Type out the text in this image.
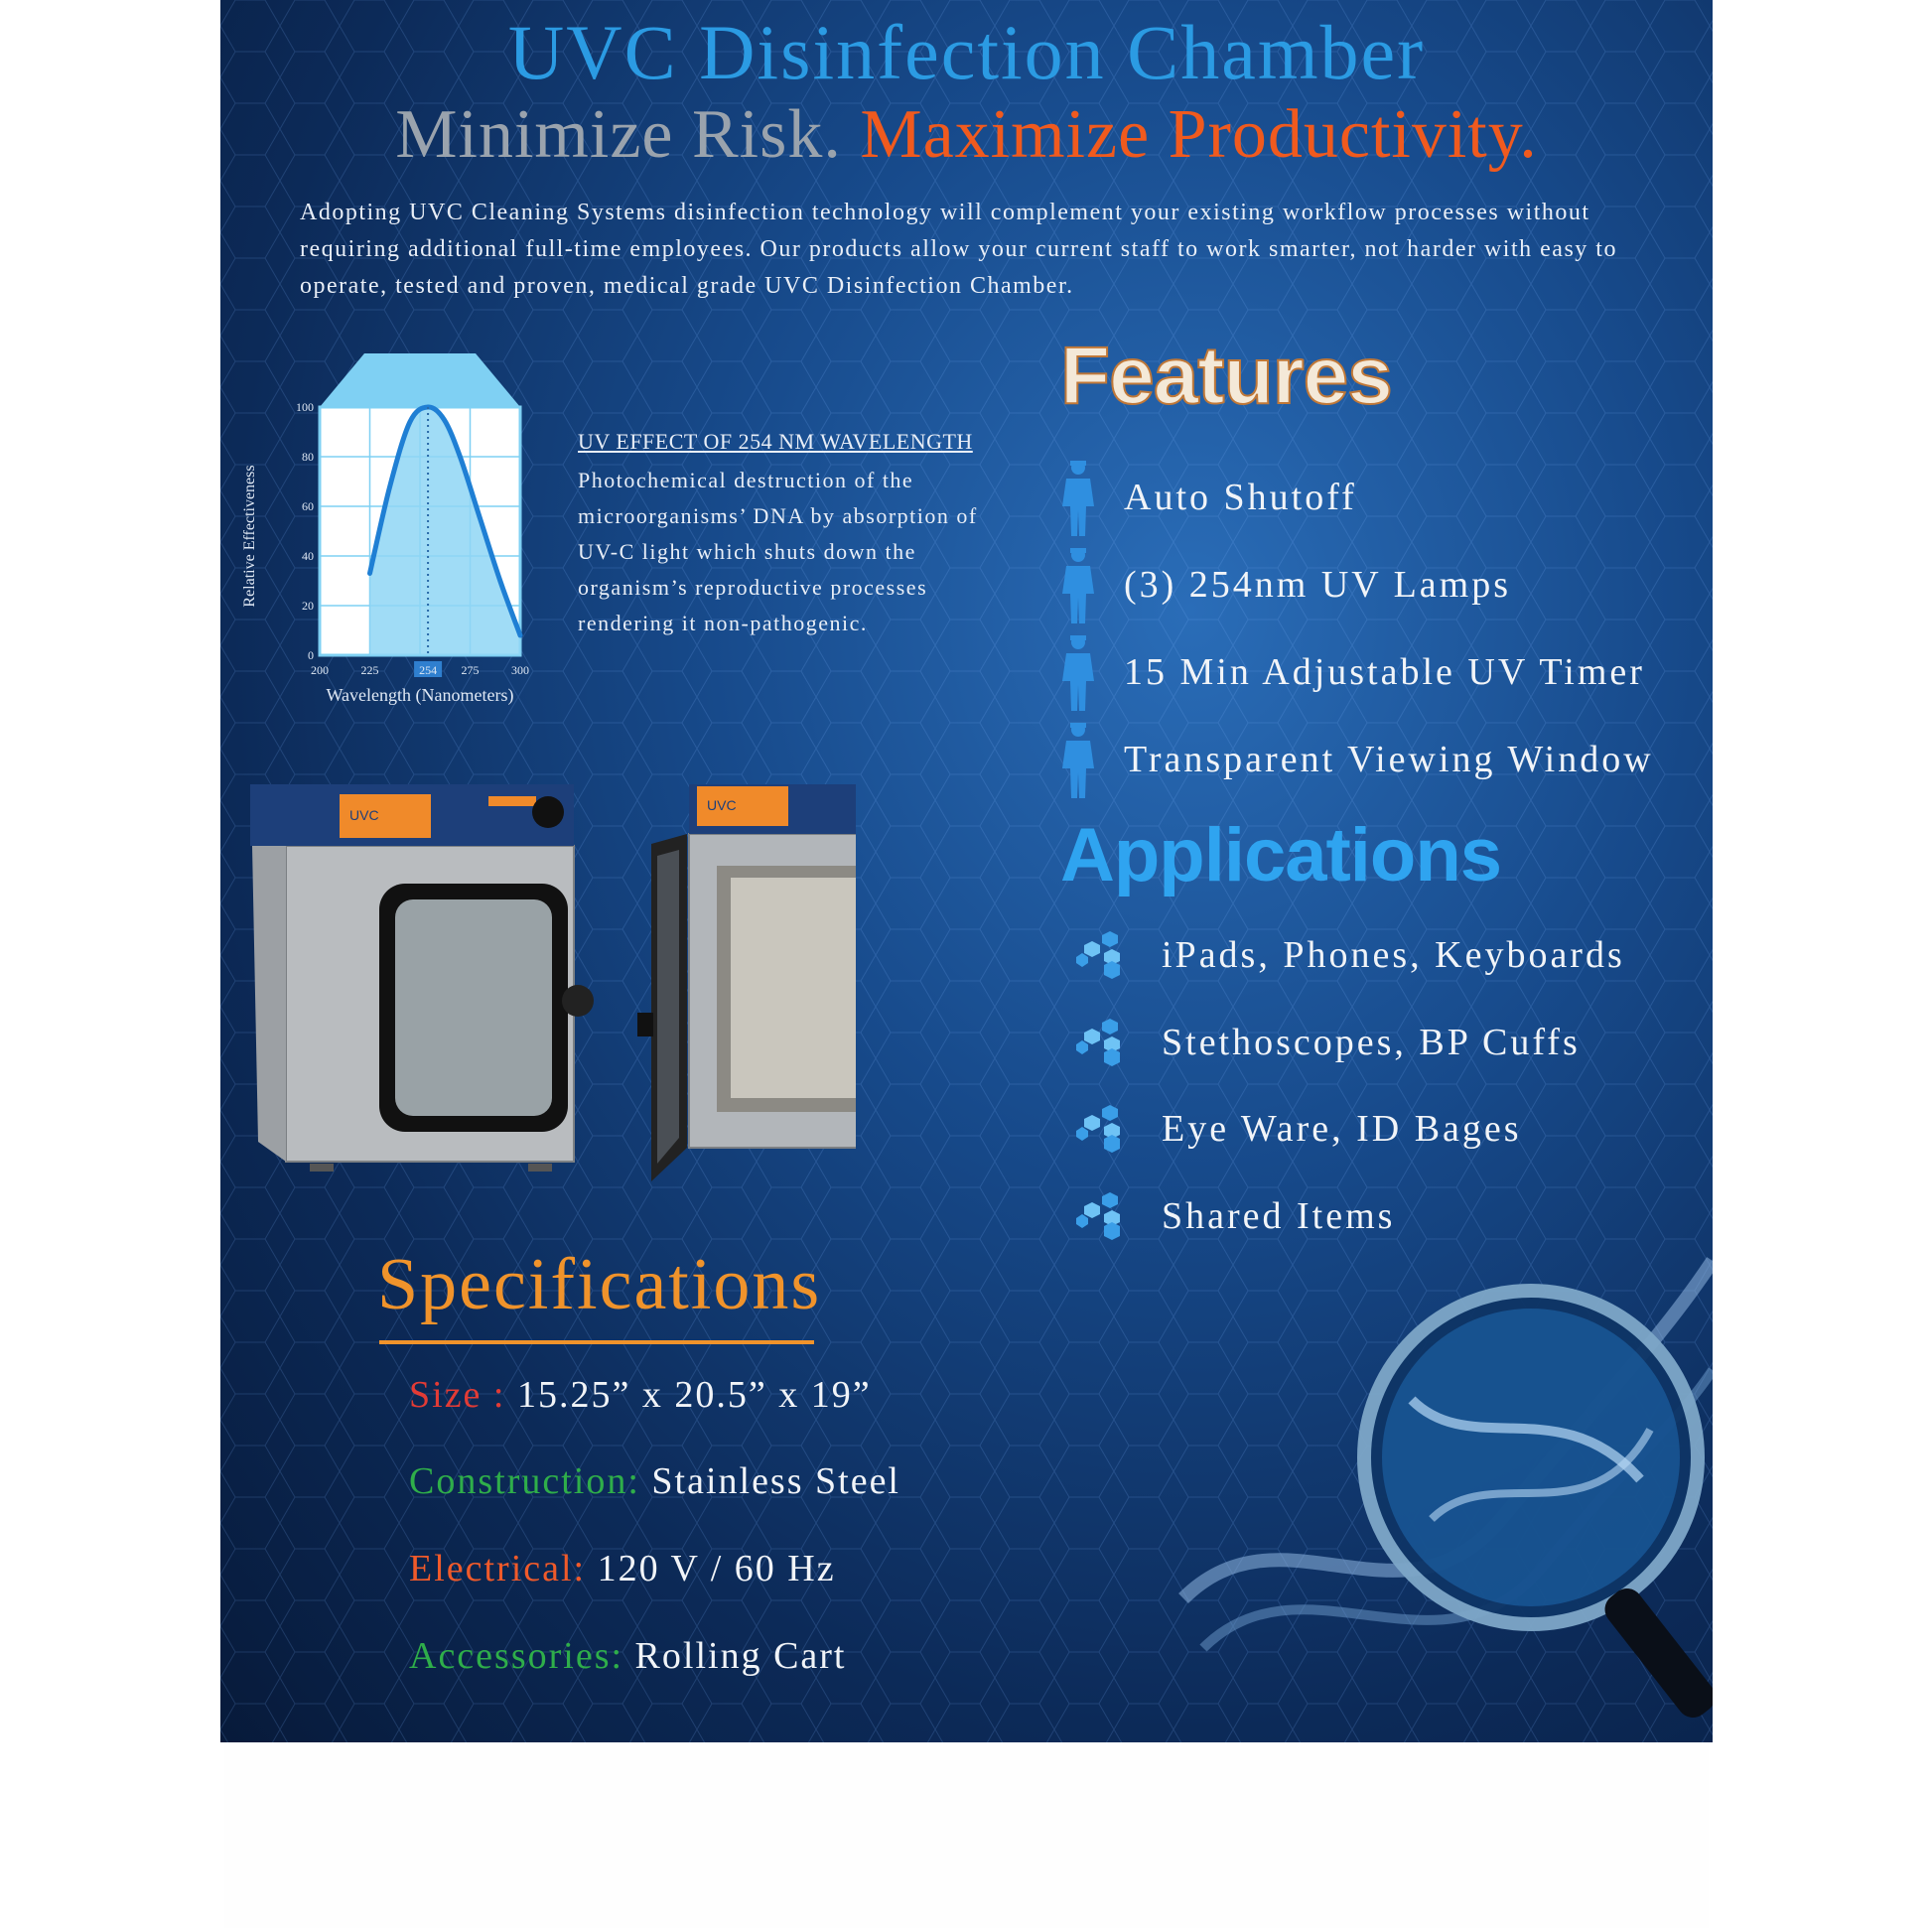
UVC Disinfection Chamber
Minimize Risk. Maximize Productivity.
Adopting UVC Cleaning Systems disinfection technology will complement your existing workflow processes without requiring additional full-time employees. Our products allow your current staff to work smarter, not harder with easy to operate, tested and proven, medical grade UVC Disinfection Chamber.
0
20
40
60
80
100
200	225	254 275	300
Relative Effectiveness
Wavelength (Nanometers)
UV EFFECT OF 254 NM WAVELENGTH
Photochemical destruction of the microorganisms’ DNA by absorption of UV-C light which shuts down the organism’s reproductive processes rendering it non-pathogenic.
UVC
UVC
Features
Auto Shutoff
(3) 254nm UV Lamps
15 Min Adjustable UV Timer
Transparent Viewing Window
Applications
iPads, Phones, Keyboards
Stethoscopes, BP Cuffs
Eye Ware, ID Bages
Shared Items
Specifications
Size : 15.25” x 20.5” x 19”
Construction: Stainless Steel
Electrical: 120 V / 60 Hz
Accessories: Rolling Cart
